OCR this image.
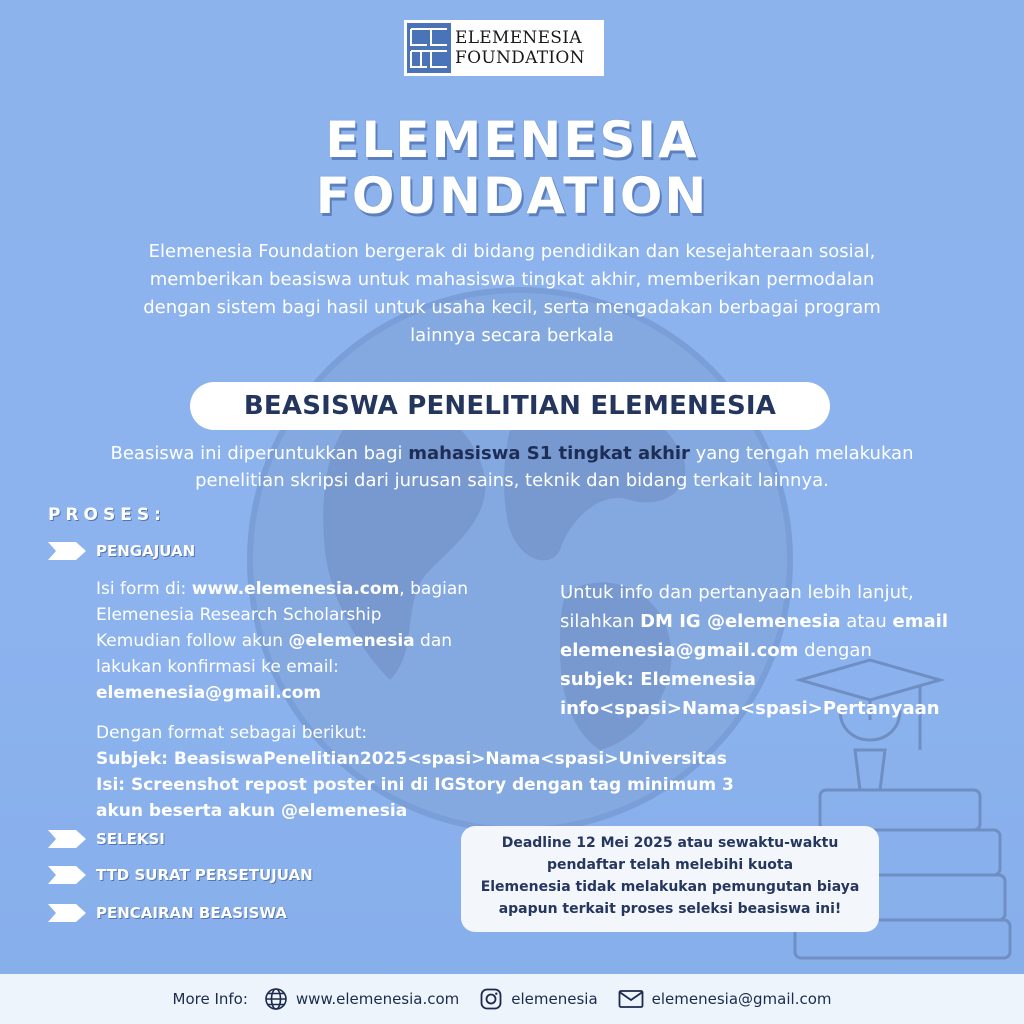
ELEMENESIA
FOUNDATION
ELEMENESIA
FOUNDATION
Elemenesia Foundation bergerak di bidang pendidikan dan kesejahteraan sosial,
memberikan beasiswa untuk mahasiswa tingkat akhir, memberikan permodalan
dengan sistem bagi hasil untuk usaha kecil, serta mengadakan berbagai program
lainnya secara berkala
BEASISWA PENELITIAN ELEMENESIA
Beasiswa ini diperuntukkan bagi mahasiswa S1 tingkat akhir yang tengah melakukan
penelitian skripsi dari jurusan sains, teknik dan bidang terkait lainnya.
PROSES:
PENGAJUAN
SELEKSI
TTD SURAT PERSETUJUAN
PENCAIRAN BEASISWA
Isi form di: www.elemenesia.com, bagian
Elemenesia Research Scholarship
Kemudian follow akun @elemenesia dan
lakukan konfirmasi ke email:
elemenesia@gmail.com
Dengan format sebagai berikut:
Subjek: BeasiswaPenelitian2025<spasi>Nama<spasi>Universitas
Isi: Screenshot repost poster ini di IGStory dengan tag minimum 3
akun beserta akun @elemenesia
Untuk info dan pertanyaan lebih lanjut,
silahkan DM IG @elemenesia atau email
elemenesia@gmail.com dengan
subjek: Elemenesia
info<spasi>Nama<spasi>Pertanyaan
Deadline 12 Mei 2025 atau sewaktu-waktu
pendaftar telah melebihi kuota
Elemenesia tidak melakukan pemungutan biaya
apapun terkait proses seleksi beasiswa ini!
More Info:	www.elemenesia.com	elemenesia	elemenesia@gmail.com
